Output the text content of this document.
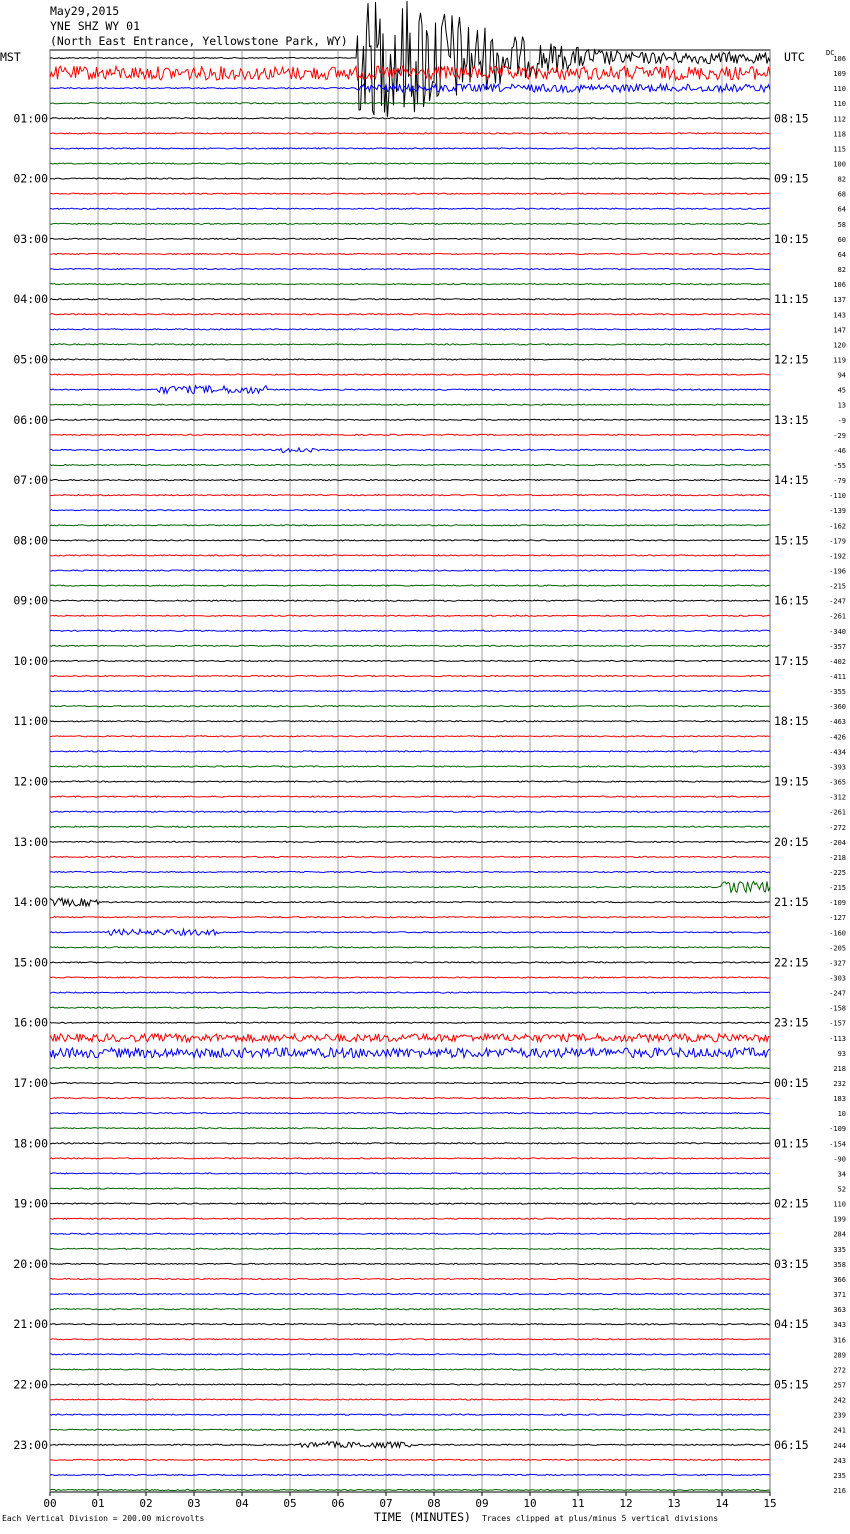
May29,2015
YNE SHZ WY 01
(North East Entrance, Yellowstone Park, WY)
MST	UTC	DC
00	01	02	03	04	05	06	07	08	09	10	11	12	13	14	15
106
109
110
110
112
118
115
100
82
68
64
58
60
64
82
106
137
143
147
120
119
94
45
13
-9
-29
-46
-55
-79
-110
-139
-162
-179
-192
-196
-215
-247
-261
-340
-357
-402
-411
-355
-360
-463
-426
-434
-393
-365
-312
-261
-272
-204
-218
-225
-215
-109
-127
-160
-205
-327
-303
-247
-158
-157
-113
93
218
232
183
10
-109
-154
-90
34
52
110
199
284
335
358
366
371
363
343
316
289
272
257
242
239
241
244
243
235
216
01:00	08:15
02:00	09:15
03:00	10:15
04:00	11:15
05:00	12:15
06:00	13:15
07:00	14:15
08:00	15:15
09:00	16:15
10:00	17:15
11:00	18:15
12:00	19:15
13:00	20:15
14:00	21:15
15:00	22:15
16:00	23:15
17:00	00:15
18:00	01:15
19:00	02:15
20:00	03:15
21:00	04:15
22:00	05:15
23:00	06:15
Each Vertical Division = 200.00 microvolts	TIME (MINUTES) Traces clipped at plus/minus 5 vertical divisions
